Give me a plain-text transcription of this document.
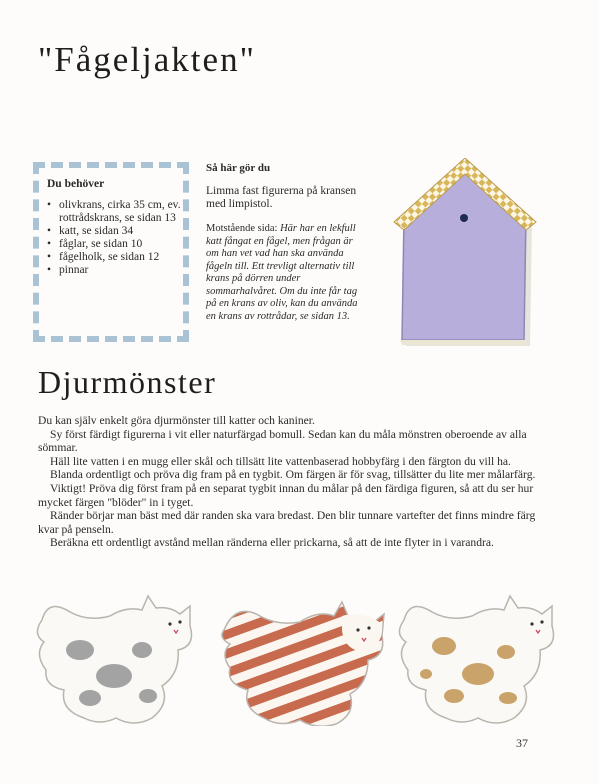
"Fågeljakten"
Du behöver
• olivkrans, cirka 35 cm, ev. rottrådskrans, se sidan 13
• katt, se sidan 34
• fåglar, se sidan 10
• fågelholk, se sidan 12
• pinnar
Så här gör du
Limma fast figurerna på kransen med limpistol.
Motstående sida: Här har en lekfull katt fångat en fågel, men frågan är om han vet vad han ska använda fågeln till. Ett trevligt alternativ till krans på dörren under sommarhalvåret. Om du inte får tag på en krans av oliv, kan du använda en krans av rottrådar, se sidan 13.
Djurmönster

Du kan själv enkelt göra djurmönster till katter och kaniner.

Sy först färdigt figurerna i vit eller naturfärgad bomull. Sedan kan du måla mönstren oberoende av alla sömmar.

Häll lite vatten i en mugg eller skål och tillsätt lite vattenbaserad hobbyfärg i den färgton du vill ha.

Blanda ordentligt och pröva dig fram på en tygbit. Om färgen är för svag, tillsätter du lite mer målarfärg.

Viktigt! Pröva dig först fram på en separat tygbit innan du målar på den färdiga figuren, så att du ser hur mycket färgen "blöder" in i tyget.

Ränder börjar man bäst med där randen ska vara bredast. Den blir tunnare vartefter det finns mindre färg kvar på penseln.

Beräkna ett ordentligt avstånd mellan ränderna eller prickarna, så att de inte flyter in i varandra.

37
